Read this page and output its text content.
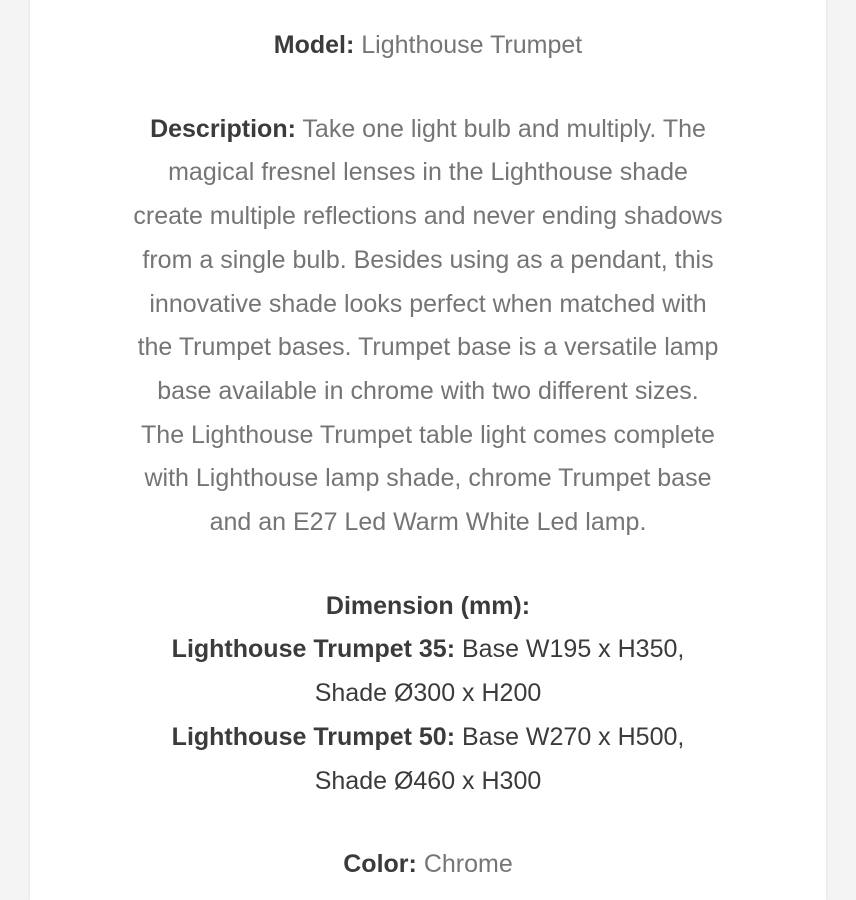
Model: Lighthouse Trumpet
Description: Take one light bulb and multiply. The
magical fresnel lenses in the Lighthouse shade
create multiple reflections and never ending shadows
from a single bulb. Besides using as a pendant, this
innovative shade looks perfect when matched with
the Trumpet bases. Trumpet base is a versatile lamp
base available in chrome with two different sizes.
The Lighthouse Trumpet table light comes complete
with Lighthouse lamp shade, chrome Trumpet base
and an E27 Led Warm White Led lamp.
Dimension (mm):
Lighthouse Trumpet 35: Base W195 x H350,
Shade Ø300 x H200
Lighthouse Trumpet 50: Base W270 x H500,
Shade Ø460 x H300
Color: Chrome
